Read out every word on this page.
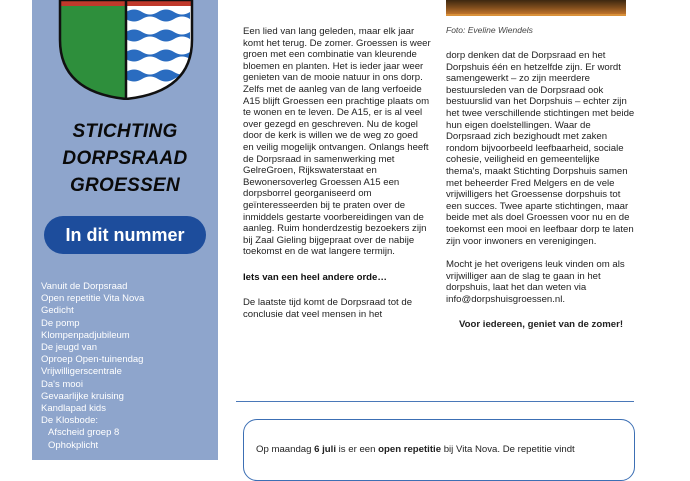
STICHTING
DORPSRAAD
GROESSEN
In dit nummer
Vanuit de Dorpsraad
Open repetitie Vita Nova
Gedicht
De pomp
Klompenpadjubileum
De jeugd van
Oproep Open-tuinendag
Vrijwilligerscentrale
Da's mooi
Gevaarlijke kruising
Kandlapad kids
De Klosbode:
Afscheid groep 8
Ophokplicht
Foto: Eveline Wiendels

Een lied van lang geleden, maar elk jaar komt het terug. De zomer. Groessen is weer groen met een combinatie van kleurende bloemen en planten. Het is ieder jaar weer genieten van de mooie natuur in ons dorp. Zelfs met de aanleg van de lang verfoeide A15 blijft Groessen een prachtige plaats om te wonen en te leven. De A15, er is al veel over gezegd en geschreven. Nu de kogel door de kerk is willen we de weg zo goed en veilig mogelijk ontvangen. Onlangs heeft de Dorpsraad in samenwerking met GelreGroen, Rijkswaterstaat en Bewonersoverleg Groessen A15 een dorpsborrel georganiseerd om geïnteresseerden bij te praten over de inmiddels gestarte voorbereidingen van de aanleg. Ruim honderdzestig bezoekers zijn bij Zaal Gieling bijgepraat over de nabije toekomst en de wat langere termijn.

Iets van een heel andere orde…

De laatste tijd komt de Dorpsraad tot de conclusie dat veel mensen in het

dorp denken dat de Dorpsraad en het Dorpshuis één en hetzelfde zijn. Er wordt samengewerkt – zo zijn meerdere bestuursleden van de Dorpsraad ook bestuurslid van het Dorpshuis – echter zijn het twee verschillende stichtingen met beide hun eigen doelstellingen. Waar de Dorpsraad zich bezighoudt met zaken rondom bijvoorbeeld leefbaarheid, sociale cohesie, veiligheid en gemeentelijke thema's, maakt Stichting Dorpshuis samen met beheerder Fred Melgers en de vele vrijwilligers het Groessense dorpshuis tot een succes. Twee aparte stichtingen, maar beide met als doel Groessen voor nu en de toekomst een mooi en leefbaar dorp te laten zijn voor inwoners en verenigingen.

Mocht je het overigens leuk vinden om als vrijwilliger aan de slag te gaan in het dorpshuis, laat het dan weten via info@dorpshuisgroessen.nl.

Voor iedereen, geniet van de zomer!

Op maandag 6 juli is er een open repetitie bij Vita Nova. De repetitie vindt
